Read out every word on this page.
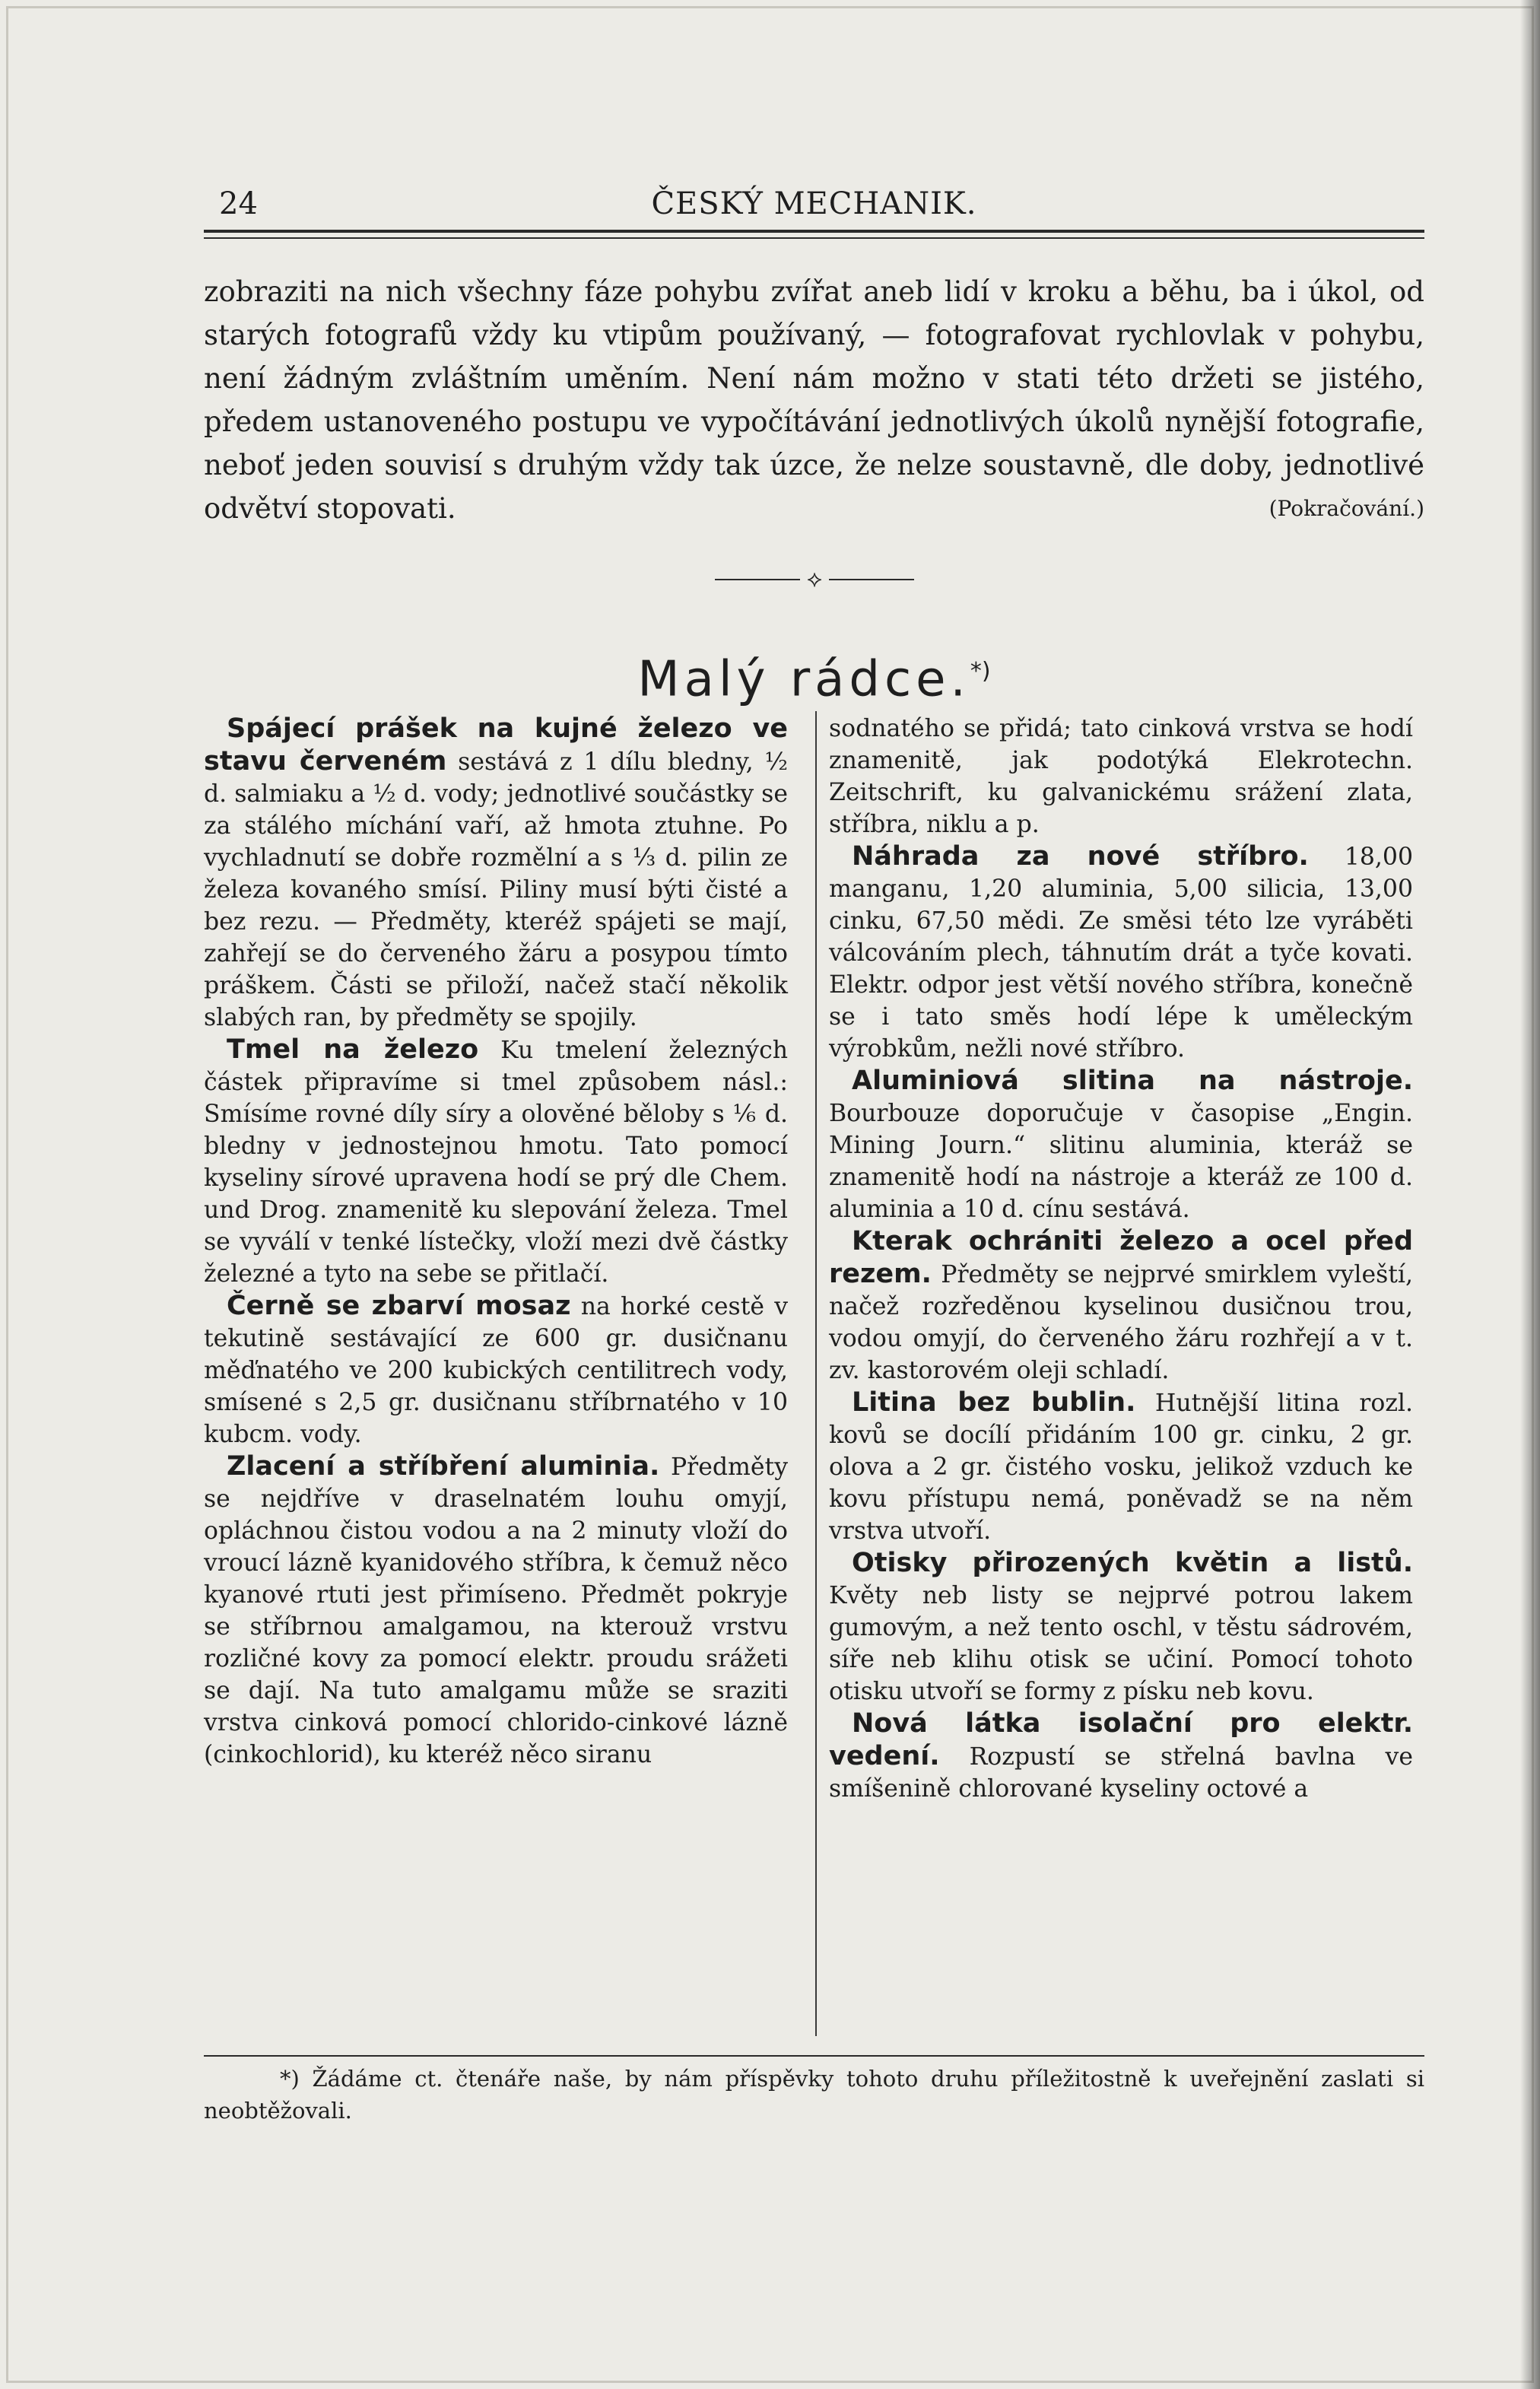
24	ČESKÝ MECHANIK.
zobraziti na nich všechny fáze pohybu zvířat aneb lidí v kroku a běhu, ba i úkol, od starých fotografů vždy ku vtipům používaný, — fotografovat rychlovlak v pohybu, není žádným zvláštním uměním. Není nám možno v stati této držeti se jistého, předem ustanoveného postupu ve vypočítávání jednotlivých úkolů nynější fotografie, neboť jeden souvisí s druhým vždy tak úzce, že nelze soustavně, dle doby, jednotlivé odvětví stopovati.	(Pokračování.)
⟡
Malý rádce.*)

Spájecí prášek na kujné železo ve stavu červeném sestává z 1 dílu bledny, ½ d. salmiaku a ½ d. vody; jednotlivé součástky se za stálého míchání vaří, až hmota ztuhne. Po vychladnutí se dobře rozmělní a s ⅓ d. pilin ze železa kovaného smísí. Piliny musí býti čisté a bez rezu. — Předměty, kteréž spájeti se mají, zahřejí se do červeného žáru a posypou tímto práškem. Části se přiloží, načež stačí několik slabých ran, by předměty se spojily.

Tmel na železo Ku tmelení železných částek připravíme si tmel způsobem násl.: Smísíme rovné díly síry a olověné běloby s ⅙ d. bledny v jednostejnou hmotu. Tato pomocí kyseliny sírové upravena hodí se prý dle Chem. und Drog. znamenitě ku slepování železa. Tmel se vyválí v tenké lístečky, vloží mezi dvě částky železné a tyto na sebe se přitlačí.

Černě se zbarví mosaz na horké cestě v tekutině sestávající ze 600 gr. dusičnanu měďnatého ve 200 kubických centilitrech vody, smísené s 2,5 gr. dusičnanu stříbrnatého v 10 kubcm. vody.

Zlacení a stříbření aluminia. Předměty se nejdříve v draselnatém louhu omyjí, opláchnou čistou vodou a na 2 minuty vloží do vroucí lázně kyanidového stříbra, k čemuž něco kyanové rtuti jest přimíseno. Předmět pokryje se stříbrnou amalgamou, na kterouž vrstvu rozličné kovy za pomocí elektr. proudu srážeti se dají. Na tuto amalgamu může se sraziti vrstva cinková pomocí chlorido-cinkové lázně (cinkochlorid), ku kteréž něco siranu

sodnatého se přidá; tato cinková vrstva se hodí znamenitě, jak podotýká Elekrotechn. Zeitschrift, ku galvanickému srážení zlata, stříbra, niklu a p.

Náhrada za nové stříbro. 18,00 manganu, 1,20 aluminia, 5,00 silicia, 13,00 cinku, 67,50 mědi. Ze směsi této lze vyráběti válcováním plech, táhnutím drát a tyče kovati. Elektr. odpor jest větší nového stříbra, konečně se i tato směs hodí lépe k uměleckým výrobkům, nežli nové stříbro.

Aluminiová slitina na nástroje. Bourbouze doporučuje v časopise „Engin. Mining Journ.“ slitinu aluminia, kteráž se znamenitě hodí na nástroje a kteráž ze 100 d. aluminia a 10 d. cínu sestává.

Kterak ochrániti železo a ocel před rezem. Předměty se nejprvé smirklem vyleští, načež rozředěnou kyselinou dusičnou trou, vodou omyjí, do červeného žáru rozhřejí a v t. zv. kastorovém oleji schladí.

Litina bez bublin. Hutnější litina rozl. kovů se docílí přidáním 100 gr. cinku, 2 gr. olova a 2 gr. čistého vosku, jelikož vzduch ke kovu přístupu nemá, poněvadž se na něm vrstva utvoří.

Otisky přirozených květin a listů. Květy neb listy se nejprvé potrou lakem gumovým, a než tento oschl, v těstu sádrovém, síře neb klihu otisk se učiní. Pomocí tohoto otisku utvoří se formy z písku neb kovu.

Nová látka isolační pro elektr. vedení. Rozpustí se střelná bavlna ve smíšenině chlorované kyseliny octové a

*) Žádáme ct. čtenáře naše, by nám příspěvky tohoto druhu příležitostně k uveřejnění zaslati si neobtěžovali.
